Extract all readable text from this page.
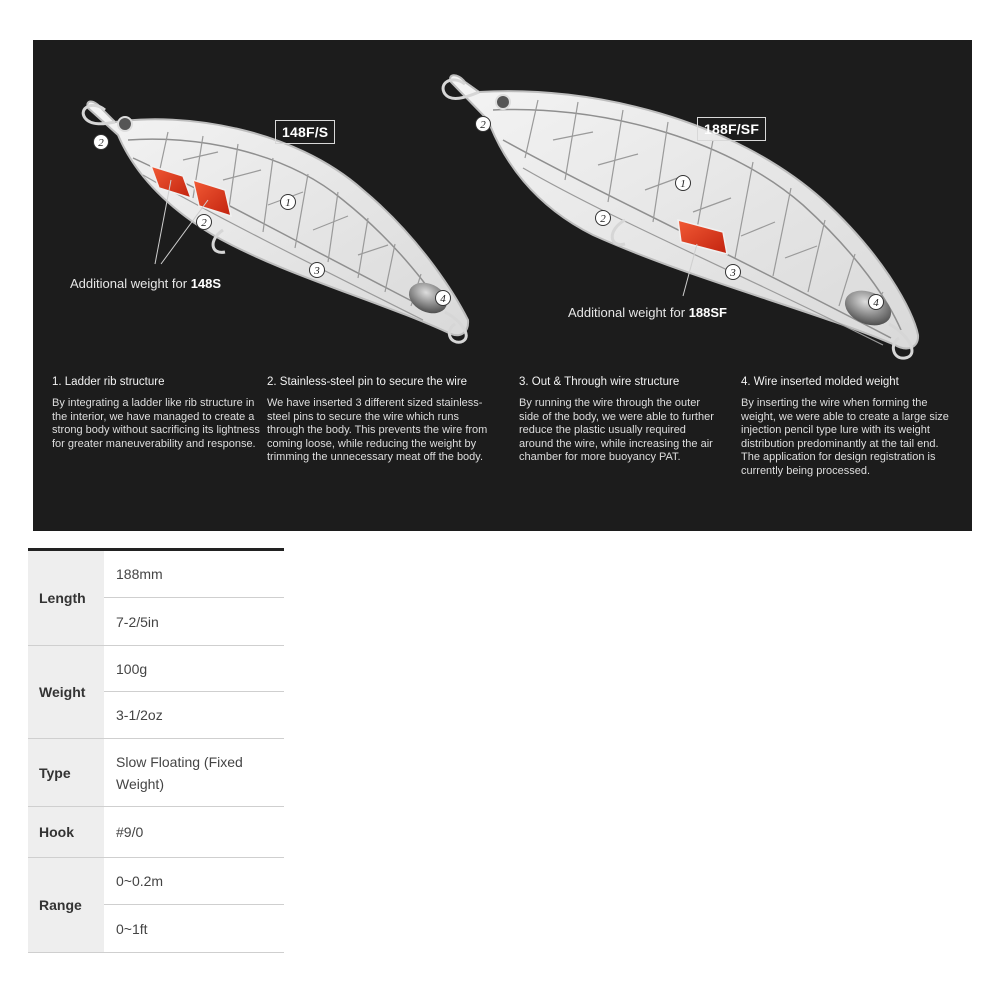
1
2
2
3
4
1
2
2
3
4
148F/S	188F/SF
Additional weight for 148S
Additional weight for 188SF
1. Ladder rib structure

By integrating a ladder like rib structure in the interior, we have managed to create a strong body without sacrificing its lightness for greater maneuverability and response.

2. Stainless-steel pin to secure the wire

We have inserted 3 different sized stainless-steel pins to secure the wire which runs through the body. This prevents the wire from coming loose, while reducing the weight by trimming the unnecessary meat off the body.

3. Out & Through wire structure

By running the wire through the outer side of the body, we were able to further reduce the plastic usually required around the wire, while increasing the air chamber for more buoyancy PAT.

4. Wire inserted molded weight

By inserting the wire when forming the weight, we were able to create a large size injection pencil type lure with its weight distribution predominantly at the tail end. The application for design registration is currently being processed.

Length
188mm
7-2/5in
Weight
100g
3-1/2oz
Type
Slow Floating (Fixed Weight)
Hook	#9/0
Range
0~0.2m
0~1ft
